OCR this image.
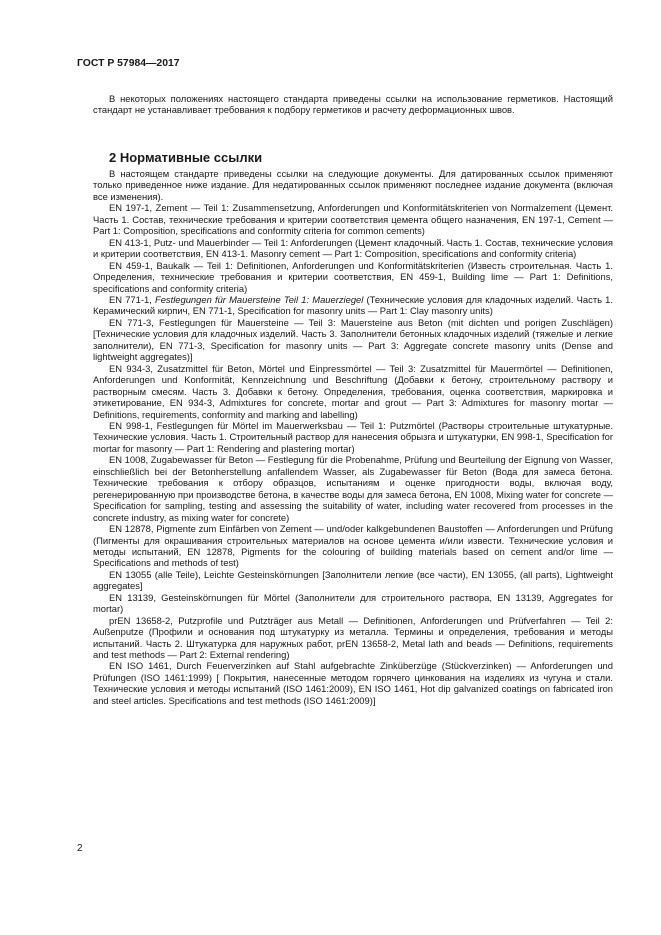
ГОСТ Р 57984—2017

В некоторых положениях настоящего стандарта приведены ссылки на использование герметиков. Настоящий стандарт не устанавливает требования к подбору герметиков и расчету деформационных швов.

2 Нормативные ссылки

В настоящем стандарте приведены ссылки на следующие документы. Для датированных ссылок применяют только приведенное ниже издание. Для недатированных ссылок применяют последнее издание документа (включая все изменения).

EN 197-1, Zement — Teil 1: Zusammensetzung, Anforderungen und Konformitätskriterien von Normalzement (Цемент. Часть 1. Состав, технические требования и критерии соответствия цемента общего назначения, EN 197-1, Cement — Part 1: Composition, specifications and conformity criteria for common cements)

EN 413-1, Putz- und Mauerbinder — Teil 1: Anforderungen (Цемент кладочный. Часть 1. Состав, технические условия и критерии соответствия, EN 413-1. Masonry cement — Part 1: Composition, specifications and conformity criteria)

EN 459-1, Baukalk — Teil 1: Definitionen, Anforderungen und Konformitätskriterien (Известь строительная. Часть 1. Определения, технические требования и критерии соответствия, EN 459-1, Building lime — Part 1: Definitions, specifications and conformity criteria)

EN 771-1, Festlegungen für Mauersteine Teil 1: Mauerziegel (Технические условия для кладочных изделий. Часть 1. Керамический кирпич, EN 771-1, Specification for masonry units — Part 1: Clay masonry units)

EN 771-3, Festlegungen für Mauersteine — Teil 3: Mauersteine aus Beton (mit dichten und porigen Zuschlägen) [Технические условия для кладочных изделий. Часть 3. Заполнители бетонных кладочных изделий (тяжелые и легкие заполнители), EN 771-3, Specification for masonry units — Part 3: Aggregate concrete masonry units (Dense and lightweight aggregates)]

EN 934-3, Zusatzmittel für Beton, Mörtel und Einpressmörtel — Teil 3: Zusatzmittel für Mauermörtel — Definitionen, Anforderungen und Konformität, Kennzeichnung und Beschriftung (Добавки к бетону, строительному раствору и растворным смесям. Часть 3. Добавки к бетону. Определения, требования, оценка соответствия, маркировка и этикетирование, EN 934-3, Admixtures for concrete, mortar and grout — Part 3: Admixtures for masonry mortar — Definitions, requirements, conformity and marking and labelling)

EN 998-1, Festlegungen für Mörtel im Mauerwerksbau — Teil 1: Putzmörtel (Растворы строительные штукатурные. Технические условия. Часть 1. Строительный раствор для нанесения обрызга и штукатурки, EN 998-1, Specification for mortar for masonry — Part 1: Rendering and plastering mortar)

EN 1008, Zugabewasser für Beton — Festlegung für die Probenahme, Prüfung und Beurteilung der Eignung von Wasser, einschließlich bei der Betonherstellung anfallendem Wasser, als Zugabewasser für Beton (Вода для замеса бетона. Технические требования к отбору образцов, испытаниям и оценке пригодности воды, включая воду, регенерированную при производстве бетона, в качестве воды для замеса бетона, EN 1008, Mixing water for concrete — Specification for sampling, testing and assessing the suitability of water, including water recovered from processes in the concrete industry, as mixing water for concrete)

EN 12878, Pigmente zum Einfärben von Zement — und/oder kalkgebundenen Baustoffen — Anforderungen und Prüfung (Пигменты для окрашивания строительных материалов на основе цемента и/или извести. Технические условия и методы испытаний, EN 12878, Pigments for the colouring of building materials based on cement and/or lime — Specifications and methods of test)

EN 13055 (alle Teile), Leichte Gesteinskörnungen [Заполнители легкие (все части), EN 13055, (all parts), Lightweight aggregates]

EN 13139, Gesteinskörnungen für Mörtel (Заполнители для строительного раствора, EN 13139, Aggregates for mortar)

prEN 13658-2, Putzprofile und Putzträger aus Metall — Definitionen, Anforderungen und Prüfverfahren — Teil 2: Außenputze (Профили и основания под штукатурку из металла. Термины и определения, требования и методы испытаний. Часть 2. Штукатурка для наружных работ, prEN 13658-2, Metal lath and beads — Definitions, requirements and test methods — Part 2: External rendering)

EN ISO 1461, Durch Feuerverzinken auf Stahl aufgebrachte Zinküberzüge (Stückverzinken) — Anforderungen und Prüfungen (ISO 1461:1999) [ Покрытия, нанесенные методом горячего цинкования на изделиях из чугуна и стали. Технические условия и методы испытаний (ISO 1461:2009), EN ISO 1461, Hot dip galvanized coatings on fabricated iron and steel articles. Specifications and test methods (ISO 1461:2009)]

2
